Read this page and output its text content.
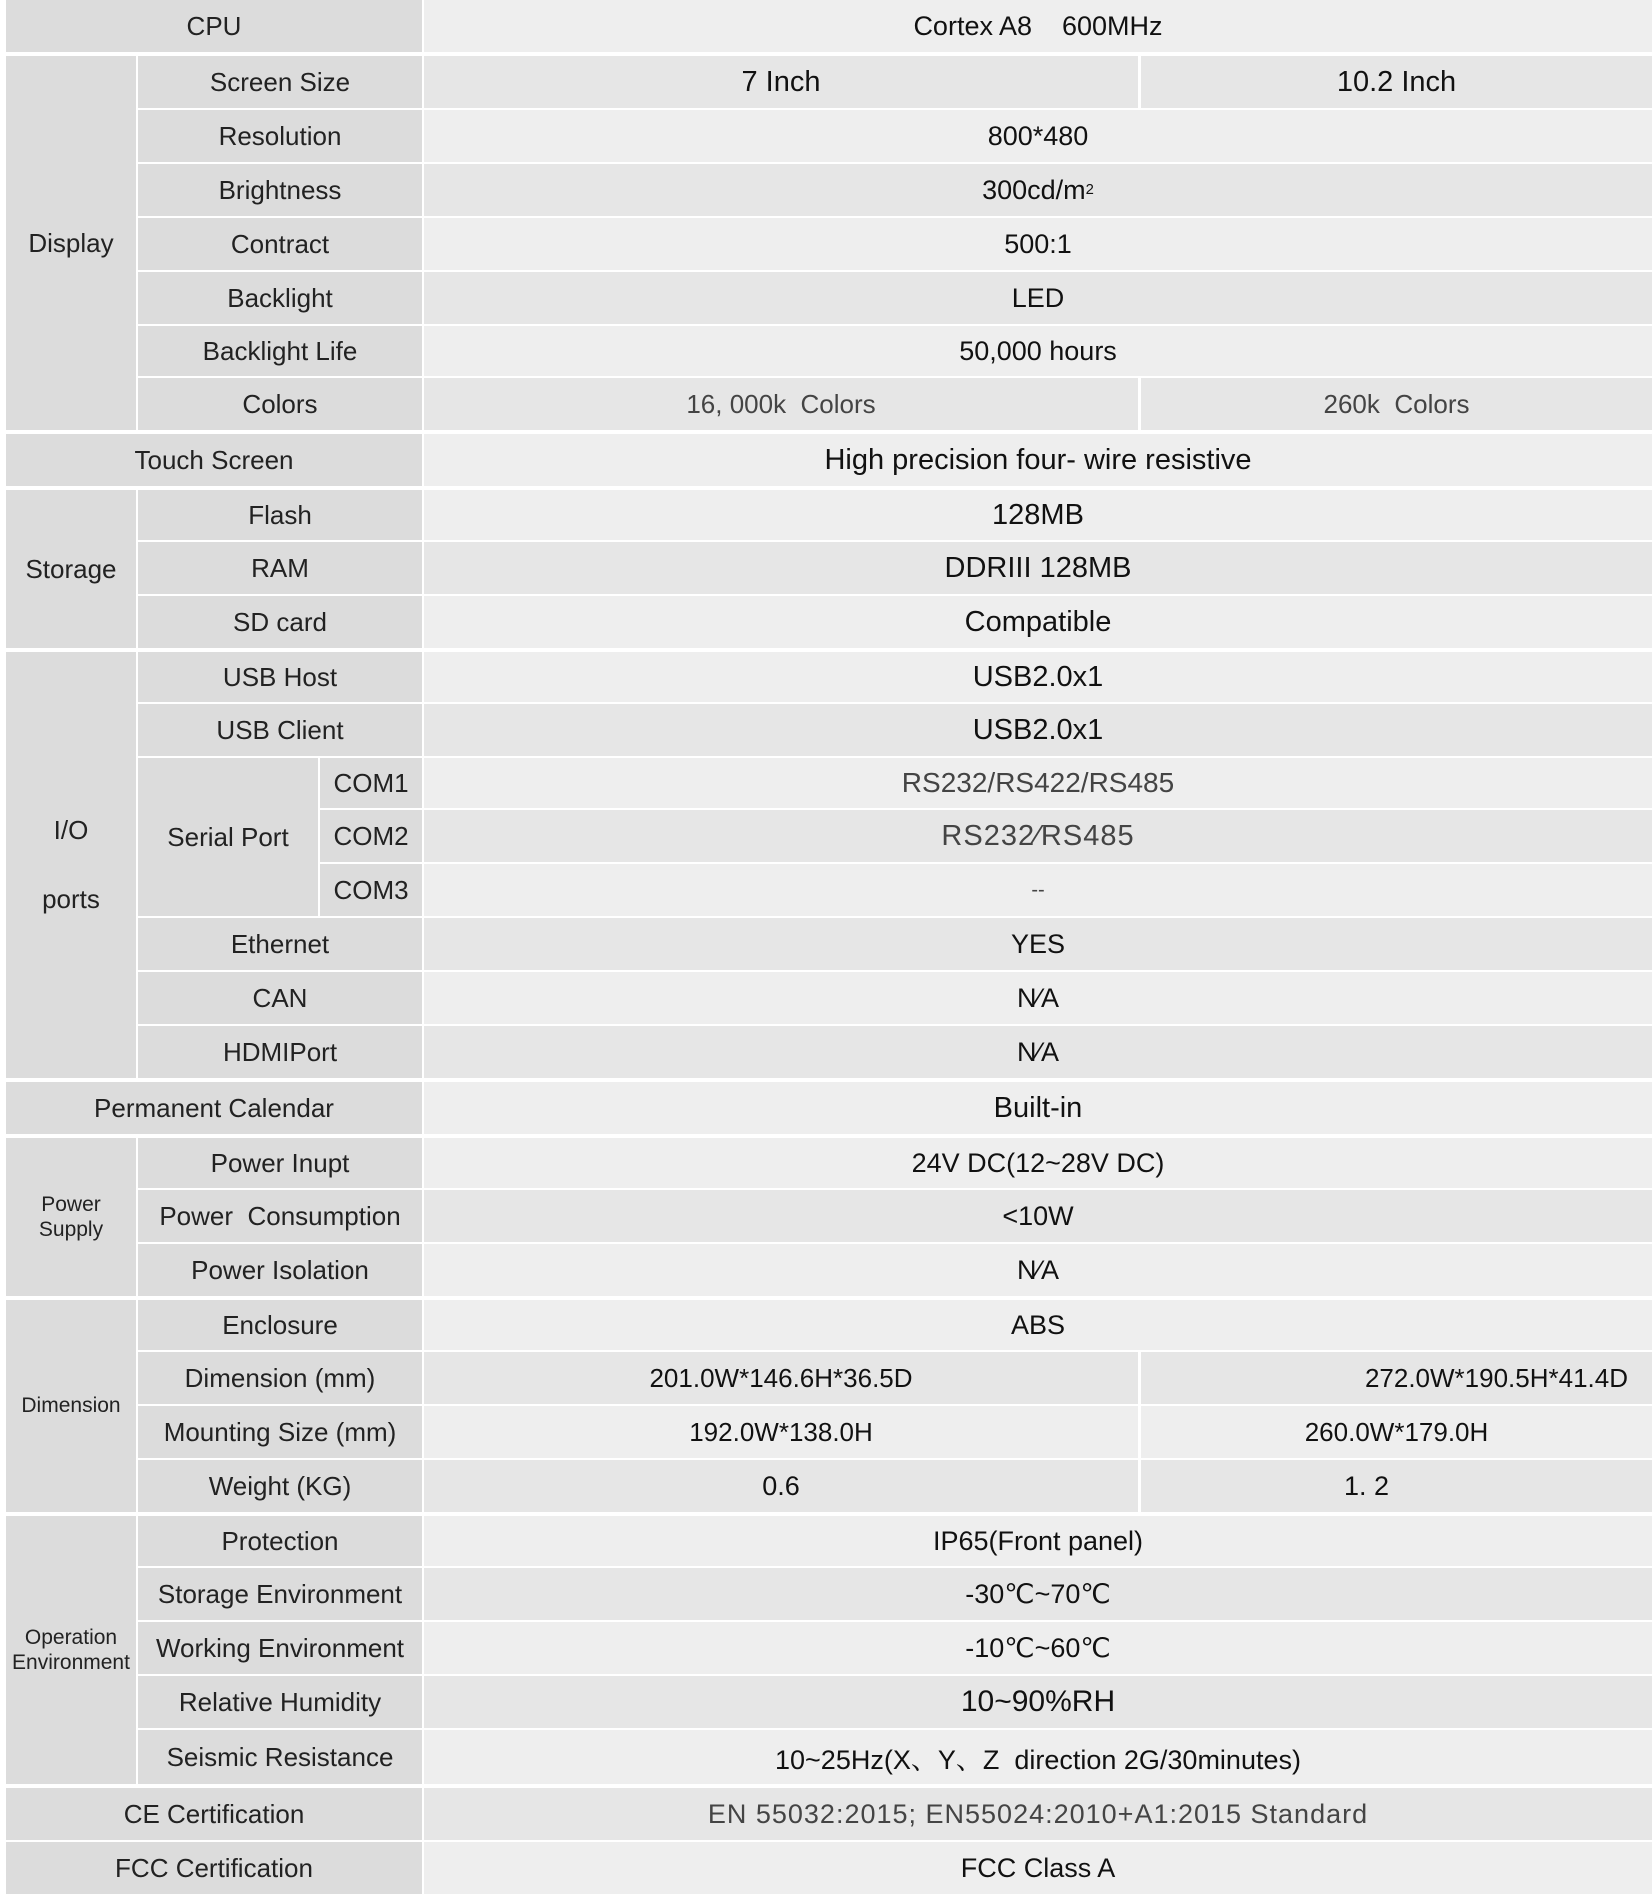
CPU	Cortex A8    600MHz
Display
Screen Size	7 Inch	10.2 Inch
Resolution	800*480
Brightness	300cd/m 2
Contract	500:1
Backlight	LED
Backlight Life	50,000 hours
Colors	16, 000k  Colors	260k  Colors
Touch Screen	High precision four- wire resistive
Storage
Flash	128MB
RAM	DDRIII 128MB
SD card	Compatible
I/O
ports
USB Host	USB2.0x1
USB Client	USB2.0x1
Serial Port
COM1	RS232/RS422/RS485
COM2	RS232⁄RS485
COM3	--
Ethernet	YES
CAN	N⁄A
HDMIPort	N⁄A
Permanent Calendar	Built-in
Power
Supply
Power Inupt	24V DC(12~28V DC)
Power  Consumption	<10W
Power Isolation	N⁄A
Dimension
Enclosure	ABS
Dimension (mm)	201.0W*146.6H*36.5D	272.0W*190.5H*41.4D
Mounting Size (mm)	192.0W*138.0H	260.0W*179.0H
Weight (KG)	0.6	1. 2
Operation
Environment
Protection	IP65(Front panel)
Storage Environment	-30℃~70℃
Working Environment	-10℃~60℃
Relative Humidity	10~90%RH
Seismic Resistance	10~25Hz(X、Y、Z  direction 2G/30minutes)
CE Certification	EN 55032:2015; EN55024:2010+A1:2015 Standard
FCC Certification	FCC Class A
